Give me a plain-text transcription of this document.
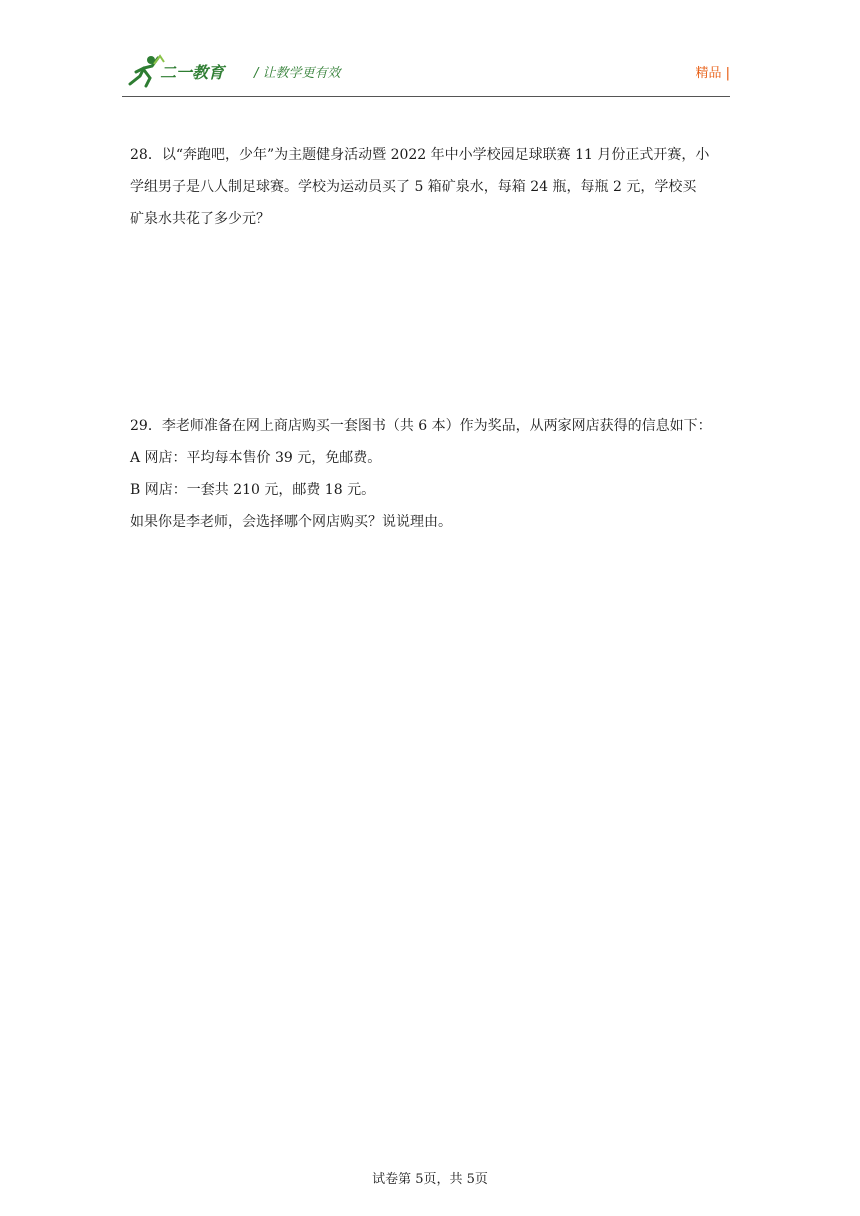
二一教育 / 让教学更有效	精品 |

28．以“奔跑吧，少年”为主题健身活动暨 2022 年中小学校园足球联赛 11 月份正式开赛，小

学组男子是八人制足球赛。学校为运动员买了 5 箱矿泉水，每箱 24 瓶，每瓶 2 元，学校买

矿泉水共花了多少元？

29．李老师准备在网上商店购买一套图书（共 6 本）作为奖品，从两家网店获得的信息如下：

A 网店：平均每本售价 39 元，免邮费。

B 网店：一套共 210 元，邮费 18 元。

如果你是李老师，会选择哪个网店购买？说说理由。

试卷第 5页，共 5页
